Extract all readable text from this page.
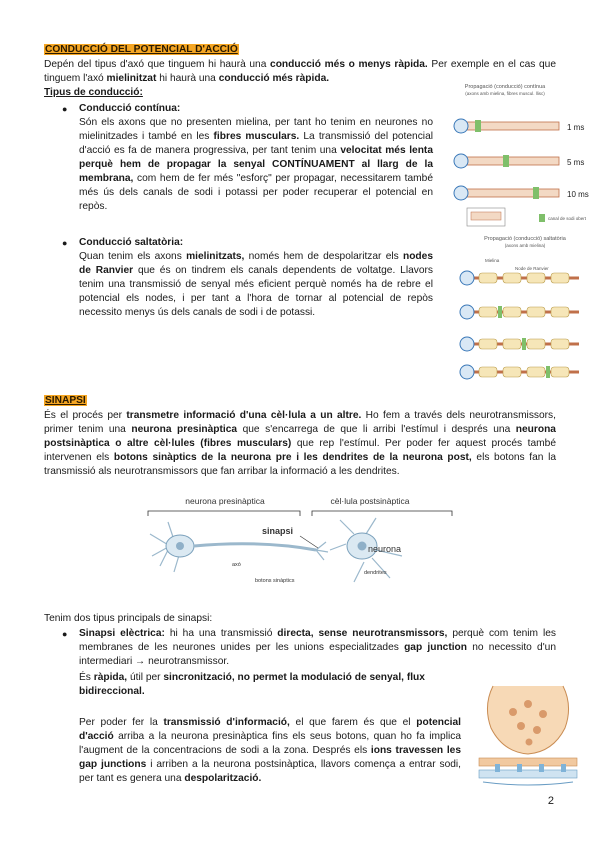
CONDUCCIÓ DEL POTENCIAL D'ACCIÓ
Depén del tipus d'axó que tinguem hi haurà una conducció més o menys ràpida. Per exemple en el cas que tinguem l'axó mielinitzat hi haurà una conducció més ràpida.
Tipus de conducció:
● Conducció contínua:
Són els axons que no presenten mielina, per tant ho tenim en neurones no mielinitzades i també en les fibres musculars. La transmissió del potencial d'acció es fa de manera progressiva, per tant tenim una velocitat més lenta perquè hem de propagar la senyal CONTÍNUAMENT al llarg de la membrana, com hem de fer més "esforç" per propagar, necessitarem també més ús dels canals de sodi i potassi per poder recuperar el potencial en repòs.
● Conducció saltatòria:
Quan tenim els axons mielinitzats, només hem de despolaritzar els nodes de Ranvier que és on tindrem els canals dependents de voltatge. Llavors tenim una transmissió de senyal més eficient perquè només ha de rebre el potencial els nodes, i per tant a l'hora de tornar al potencial de repòs necessito menys ús dels canals de sodi i de potassi.
Propagació (conducció) contínua
(axons amb mielina, fibres muscul. llisc)
1 ms
5 ms
10 ms
canal de sodi obert
Propagació (conducció) saltatòria
(axons amb mielina)
Node de Ranvier
Mielina
SINAPSI
És el procés per transmetre informació d'una cèl·lula a un altre. Ho fem a través dels neurotransmissors, primer tenim una neurona presinàptica que s'encarrega de que li arribi l'estímul i després una neurona postsinàptica o altre cèl·lules (fibres musculars) que rep l'estímul. Per poder fer aquest procés també intervenen els botons sinàptics de la neurona pre i les dendrites de la neurona post, els botons fan la transmissió als neurotransmissors que fan arribar la informació a les dendrites.
neurona presinàptica	cèl·lula postsinàptica
sinapsi
neurona
botons sinàptics
dendrites
axó
Tenim dos tipus principals de sinapsi:
● Sinapsi elèctrica: hi ha una transmissió directa, sense neurotransmissors, perquè com tenim les membranes de les neurones unides per les unions especialitzades gap junction no necessito d'un intermediari → neurotransmissor.
És ràpida, útil per sincronització, no permet la modulació de senyal, flux bidireccional.
Per poder fer la transmissió d'informació, el que farem és que el potencial d'acció arriba a la neurona presinàptica fins els seus botons, quan ho fa implica l'augment de la concentracions de sodi a la zona. Després els ions travessen les gap junctions i arriben a la neurona postsinàptica, llavors comença a entrar sodi, per tant es genera una despolarització.
2
